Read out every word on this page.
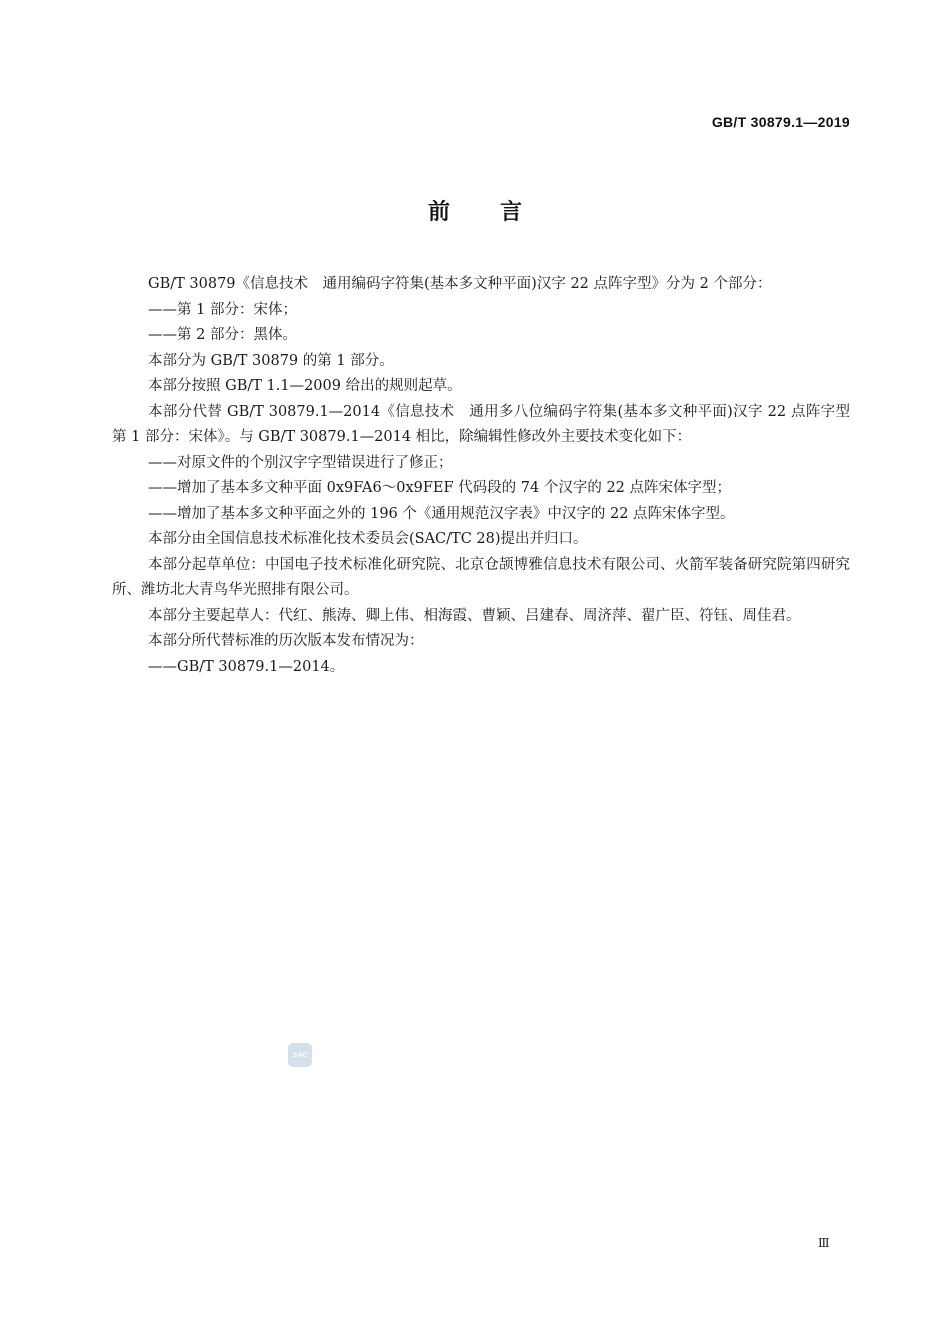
GB/T 30879.1—2019
前言

GB/T 30879《信息技术　通用编码字符集(基本多文种平面)汉字 22 点阵字型》分为 2 个部分：

——第 1 部分：宋体；

——第 2 部分：黑体。

本部分为 GB/T 30879 的第 1 部分。

本部分按照 GB/T 1.1—2009 给出的规则起草。

本部分代替 GB/T 30879.1—2014《信息技术　通用多八位编码字符集(基本多文种平面)汉字 22 点阵字型　第 1 部分：宋体》。与 GB/T 30879.1—2014 相比，除编辑性修改外主要技术变化如下：

——对原文件的个别汉字字型错误进行了修正；

——增加了基本多文种平面 0x9FA6～0x9FEF 代码段的 74 个汉字的 22 点阵宋体字型；

——增加了基本多文种平面之外的 196 个《通用规范汉字表》中汉字的 22 点阵宋体字型。

本部分由全国信息技术标准化技术委员会(SAC/TC 28)提出并归口。

本部分起草单位：中国电子技术标准化研究院、北京仓颉博雅信息技术有限公司、火箭军装备研究院第四研究所、潍坊北大青鸟华光照排有限公司。

本部分主要起草人：代红、熊涛、卿上伟、相海霞、曹颖、吕建春、周济萍、翟广臣、符钰、周佳君。

本部分所代替标准的历次版本发布情况为：

——GB/T 30879.1—2014。

SAC
Ⅲ
